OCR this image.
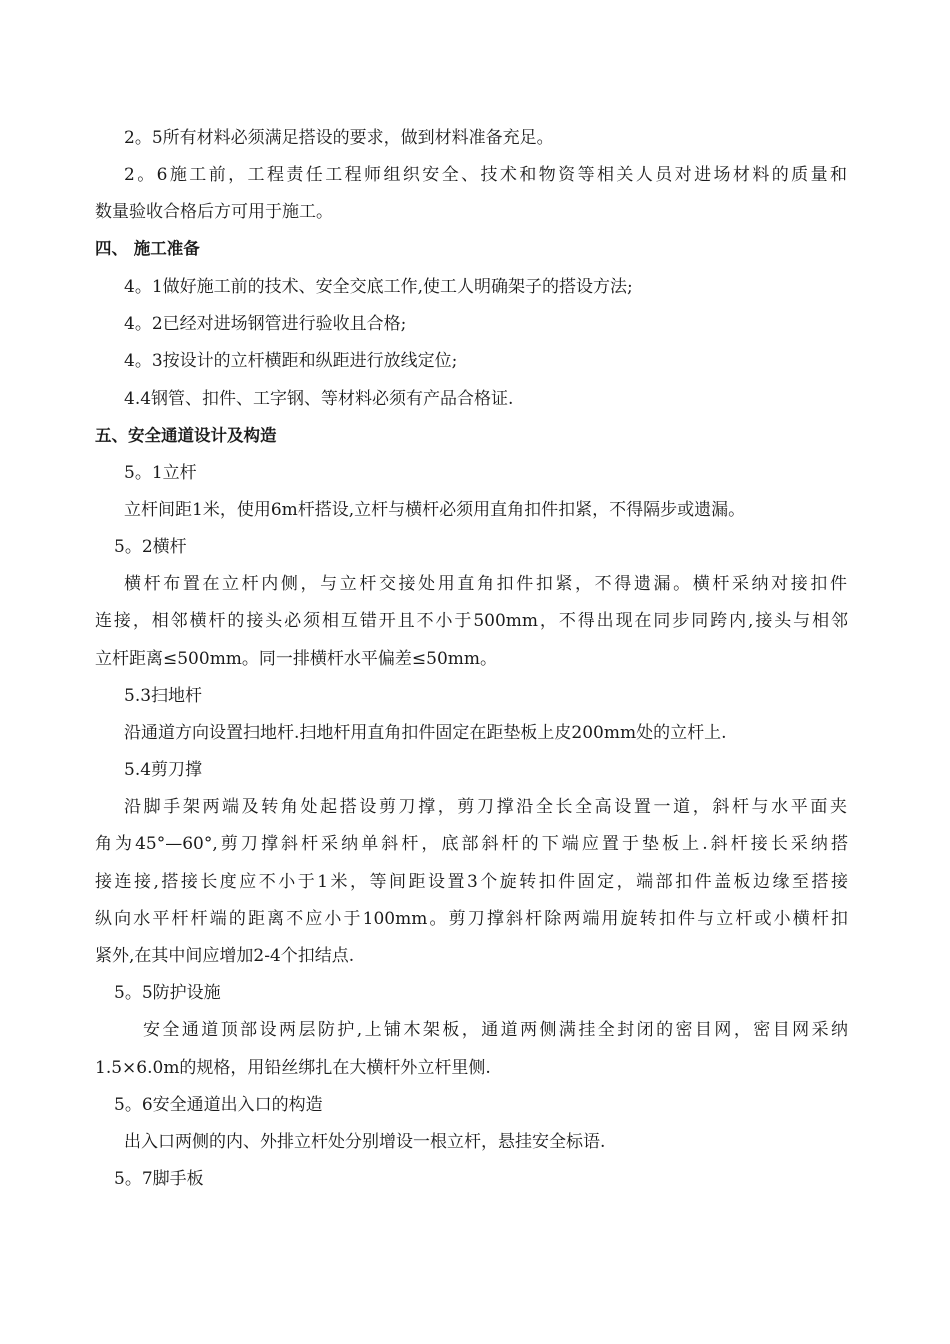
2。5所有材料必须满足搭设的要求，做到材料准备充足。

2。6施工前，工程责任工程师组织安全、技术和物资等相关人员对进场材料的质量和

数量验收合格后方可用于施工。

四、 施工准备

4。1做好施工前的技术、安全交底工作,使工人明确架子的搭设方法;

4。2已经对进场钢管进行验收且合格;

4。3按设计的立杆横距和纵距进行放线定位;

4.4钢管、扣件、工字钢、等材料必须有产品合格证.

五、安全通道设计及构造

5。1立杆

立杆间距1米，使用6m杆搭设,立杆与横杆必须用直角扣件扣紧，不得隔步或遗漏。

5。2横杆

横杆布置在立杆内侧，与立杆交接处用直角扣件扣紧，不得遗漏。横杆采纳对接扣件

连接，相邻横杆的接头必须相互错开且不小于500mm，不得出现在同步同跨内,接头与相邻

立杆距离≤500mm。同一排横杆水平偏差≤50mm。

5.3扫地杆

沿通道方向设置扫地杆.扫地杆用直角扣件固定在距垫板上皮200mm处的立杆上.

5.4剪刀撑

沿脚手架两端及转角处起搭设剪刀撑，剪刀撑沿全长全高设置一道，斜杆与水平面夹

角为45°—60°,剪刀撑斜杆采纳单斜杆，底部斜杆的下端应置于垫板上.斜杆接长采纳搭

接连接,搭接长度应不小于1米，等间距设置3个旋转扣件固定，端部扣件盖板边缘至搭接

纵向水平杆杆端的距离不应小于100mm。剪刀撑斜杆除两端用旋转扣件与立杆或小横杆扣

紧外,在其中间应增加2-4个扣结点.

5。5防护设施

安全通道顶部设两层防护,上铺木架板，通道两侧满挂全封闭的密目网，密目网采纳

1.5×6.0m的规格，用铅丝绑扎在大横杆外立杆里侧.

5。6安全通道出入口的构造

出入口两侧的内、外排立杆处分别增设一根立杆，悬挂安全标语.

5。7脚手板
